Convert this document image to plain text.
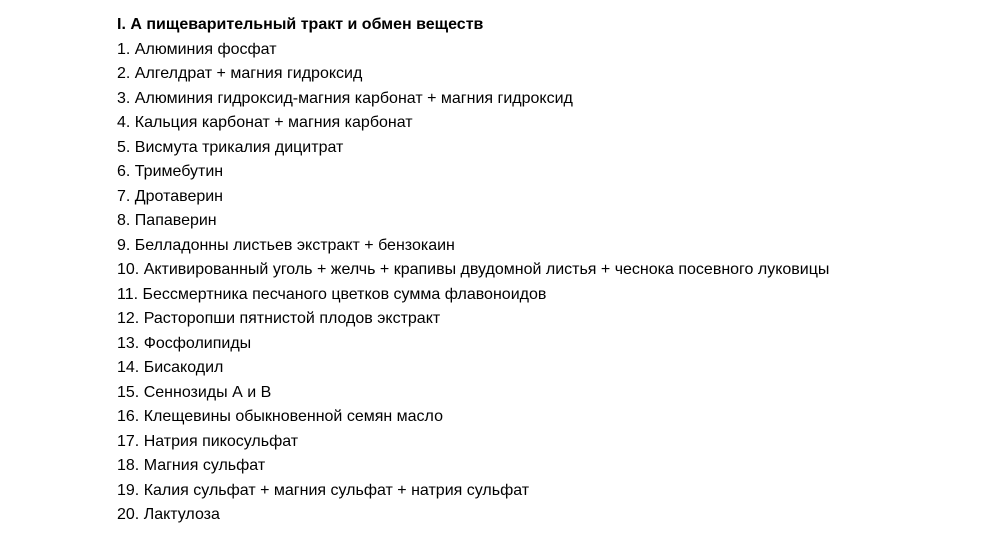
I. А пищеварительный тракт и обмен веществ
1. Алюминия фосфат
2. Алгелдрат + магния гидроксид
3. Алюминия гидроксид-магния карбонат + магния гидроксид
4. Кальция карбонат + магния карбонат
5. Висмута трикалия дицитрат
6. Тримебутин
7. Дротаверин
8. Папаверин
9. Белладонны листьев экстракт + бензокаин
10. Активированный уголь + желчь + крапивы двудомной листья + чеснока посевного луковицы
11. Бессмертника песчаного цветков сумма флавоноидов
12. Расторопши пятнистой плодов экстракт
13. Фосфолипиды
14. Бисакодил
15. Сеннозиды А и В
16. Клещевины обыкновенной семян масло
17. Натрия пикосульфат
18. Магния сульфат
19. Калия сульфат + магния сульфат + натрия сульфат
20. Лактулоза
